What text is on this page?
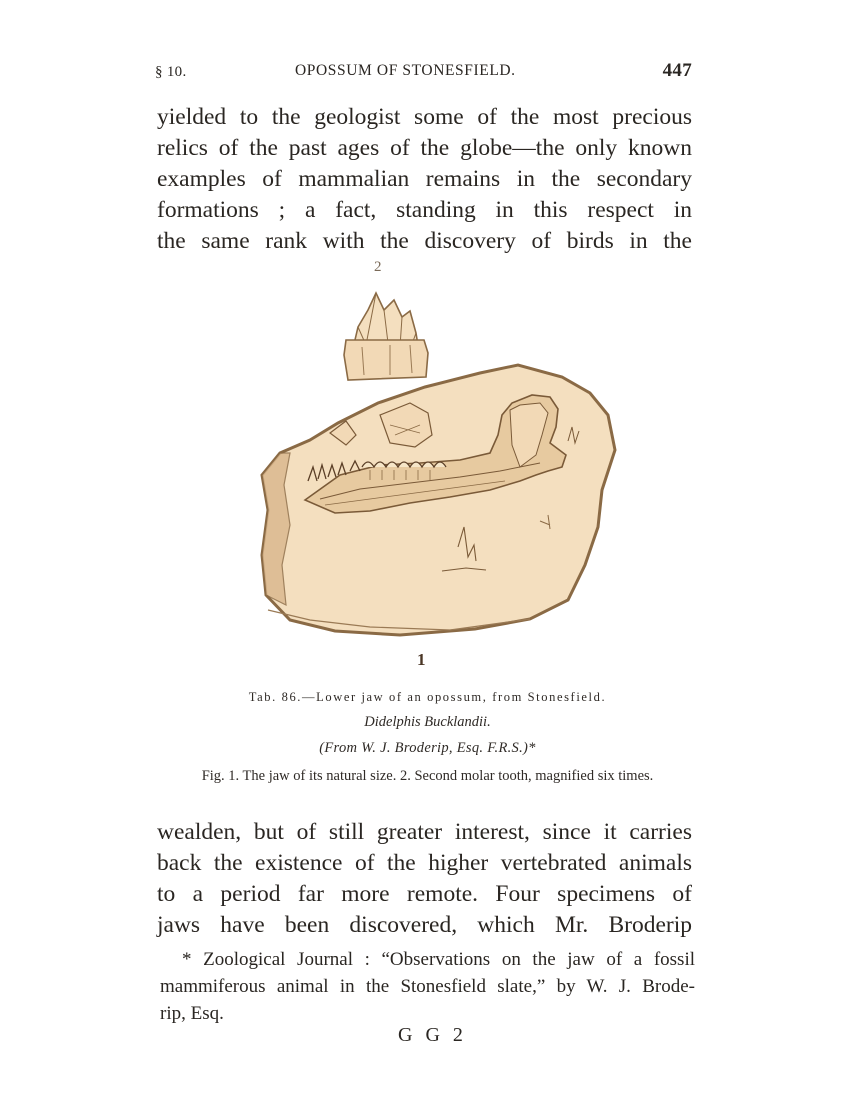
§ 10.	OPOSSUM OF STONESFIELD.	447

yielded to the geologist some of the most precious

relics of the past ages of the globe—the only known

examples of mammalian remains in the secondary

formations ; a fact, standing in this respect in

the same rank with the discovery of birds in the

2
1
Tab. 86.—Lower jaw of an opossum, from Stonesfield.
Didelphis Bucklandii.
(From W. J. Broderip, Esq. F.R.S.)*
Fig. 1. The jaw of its natural size. 2. Second molar tooth, magnified six times.

wealden, but of still greater interest, since it carries

back the existence of the higher vertebrated animals

to a period far more remote. Four specimens of

jaws have been discovered, which Mr. Broderip

* Zoological Journal : “Observations on the jaw of a fossil
mammiferous animal in the Stonesfield slate,” by W. J. Brode-
rip, Esq.
G G 2
